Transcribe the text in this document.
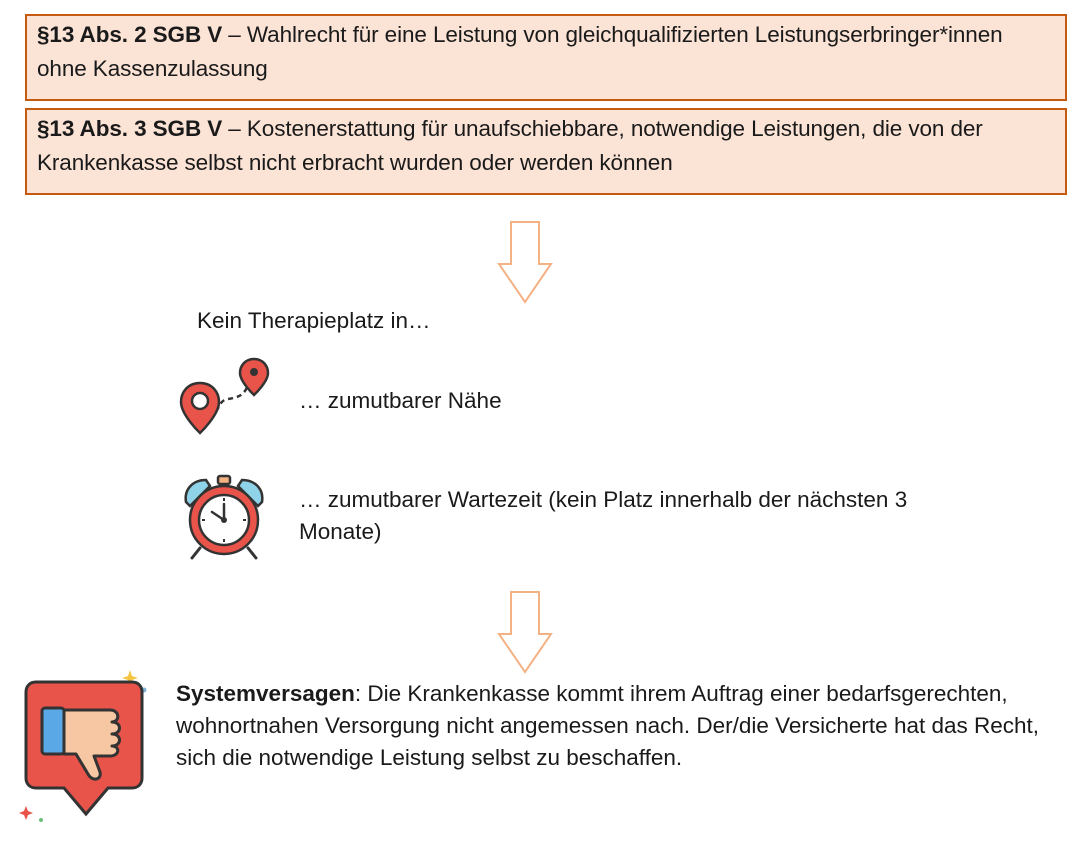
§13 Abs. 2 SGB V – Wahlrecht für eine Leistung von gleichqualifizierten Leistungserbringer*innen ohne Kassenzulassung
§13 Abs. 3 SGB V – Kostenerstattung für unaufschiebbare, notwendige Leistungen, die von der Krankenkasse selbst nicht erbracht wurden oder werden können
Kein Therapieplatz in…
… zumutbarer Nähe
… zumutbarer Wartezeit (kein Platz innerhalb der nächsten 3 Monate)
Systemversagen: Die Krankenkasse kommt ihrem Auftrag einer bedarfsgerechten, wohnortnahen Versorgung nicht angemessen nach. Der/die Versicherte hat das Recht, sich die notwendige Leistung selbst zu beschaffen.
